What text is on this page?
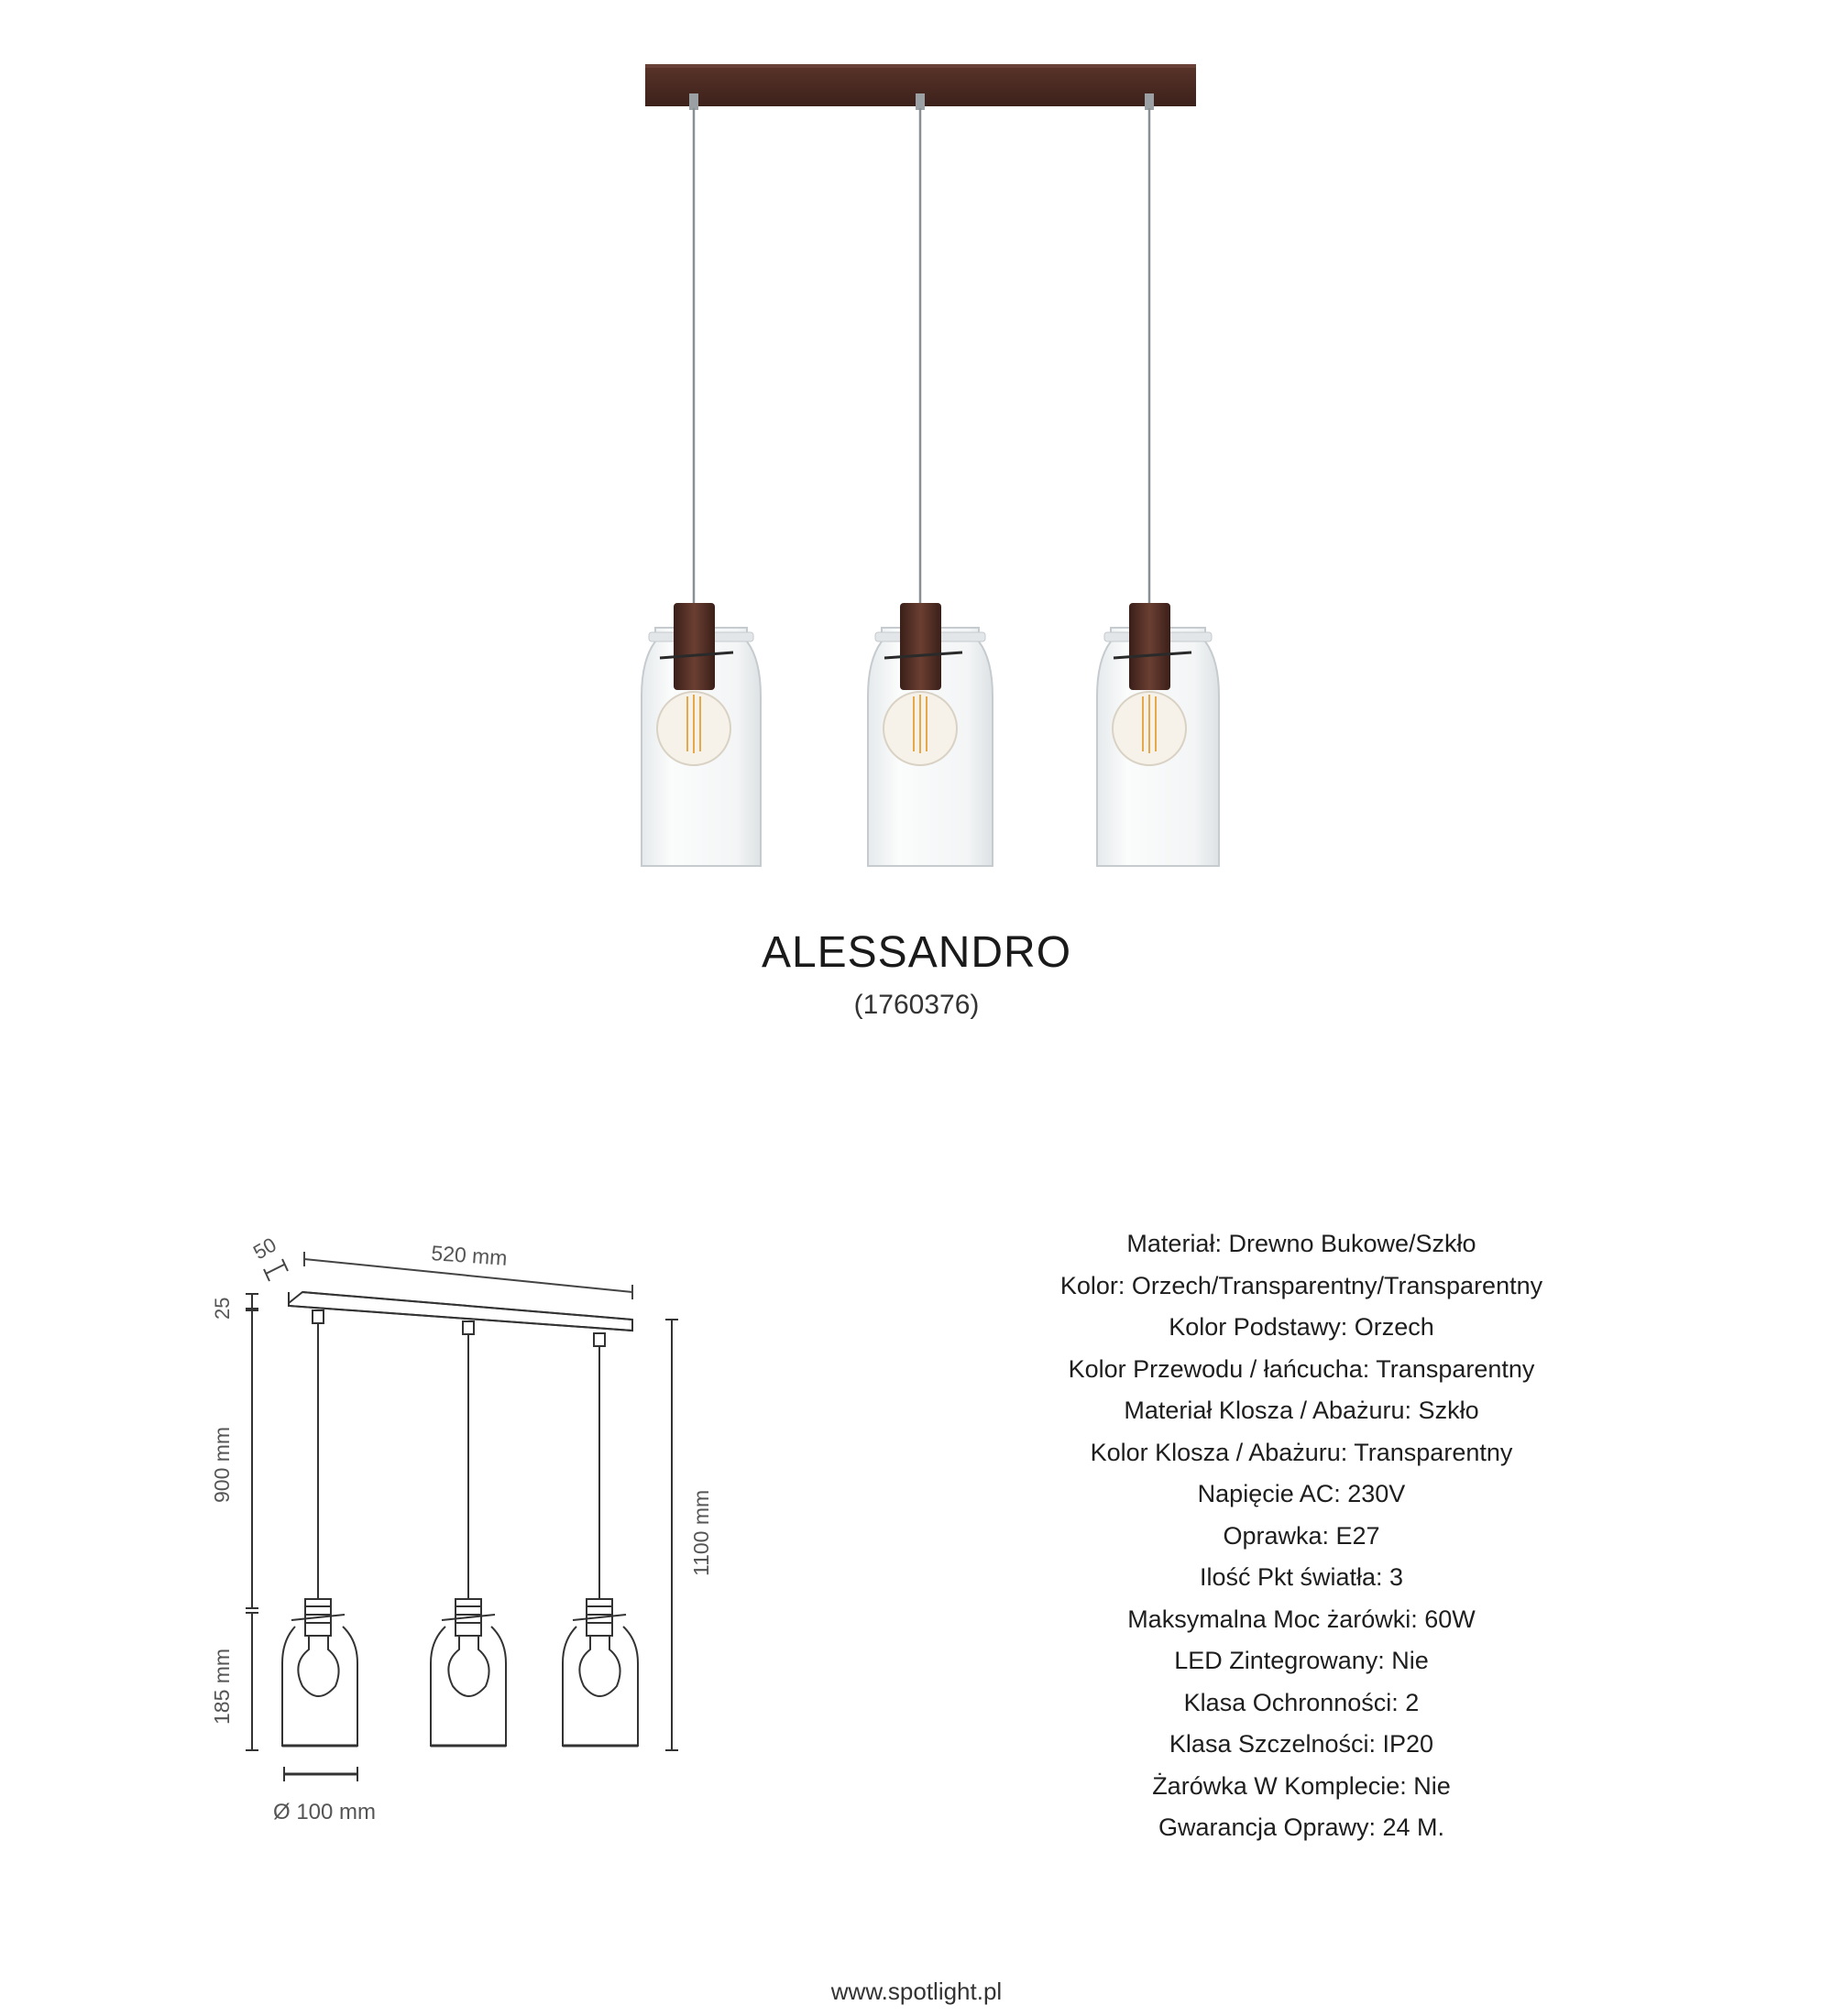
ALESSANDRO
(1760376)
50	520 mm
25
900 mm
185 mm
1100 mm
Ø 100 mm
Materiał: Drewno Bukowe/Szkło
Kolor: Orzech/Transparentny/Transparentny
Kolor Podstawy: Orzech
Kolor Przewodu / łańcucha: Transparentny
Materiał Klosza / Abażuru: Szkło
Kolor Klosza / Abażuru: Transparentny
Napięcie AC: 230V
Oprawka: E27
Ilość Pkt światła: 3
Maksymalna Moc żarówki: 60W
LED Zintegrowany: Nie
Klasa Ochronności: 2
Klasa Szczelności: IP20
Żarówka W Komplecie: Nie
Gwarancja Oprawy: 24 M.
www.spotlight.pl
